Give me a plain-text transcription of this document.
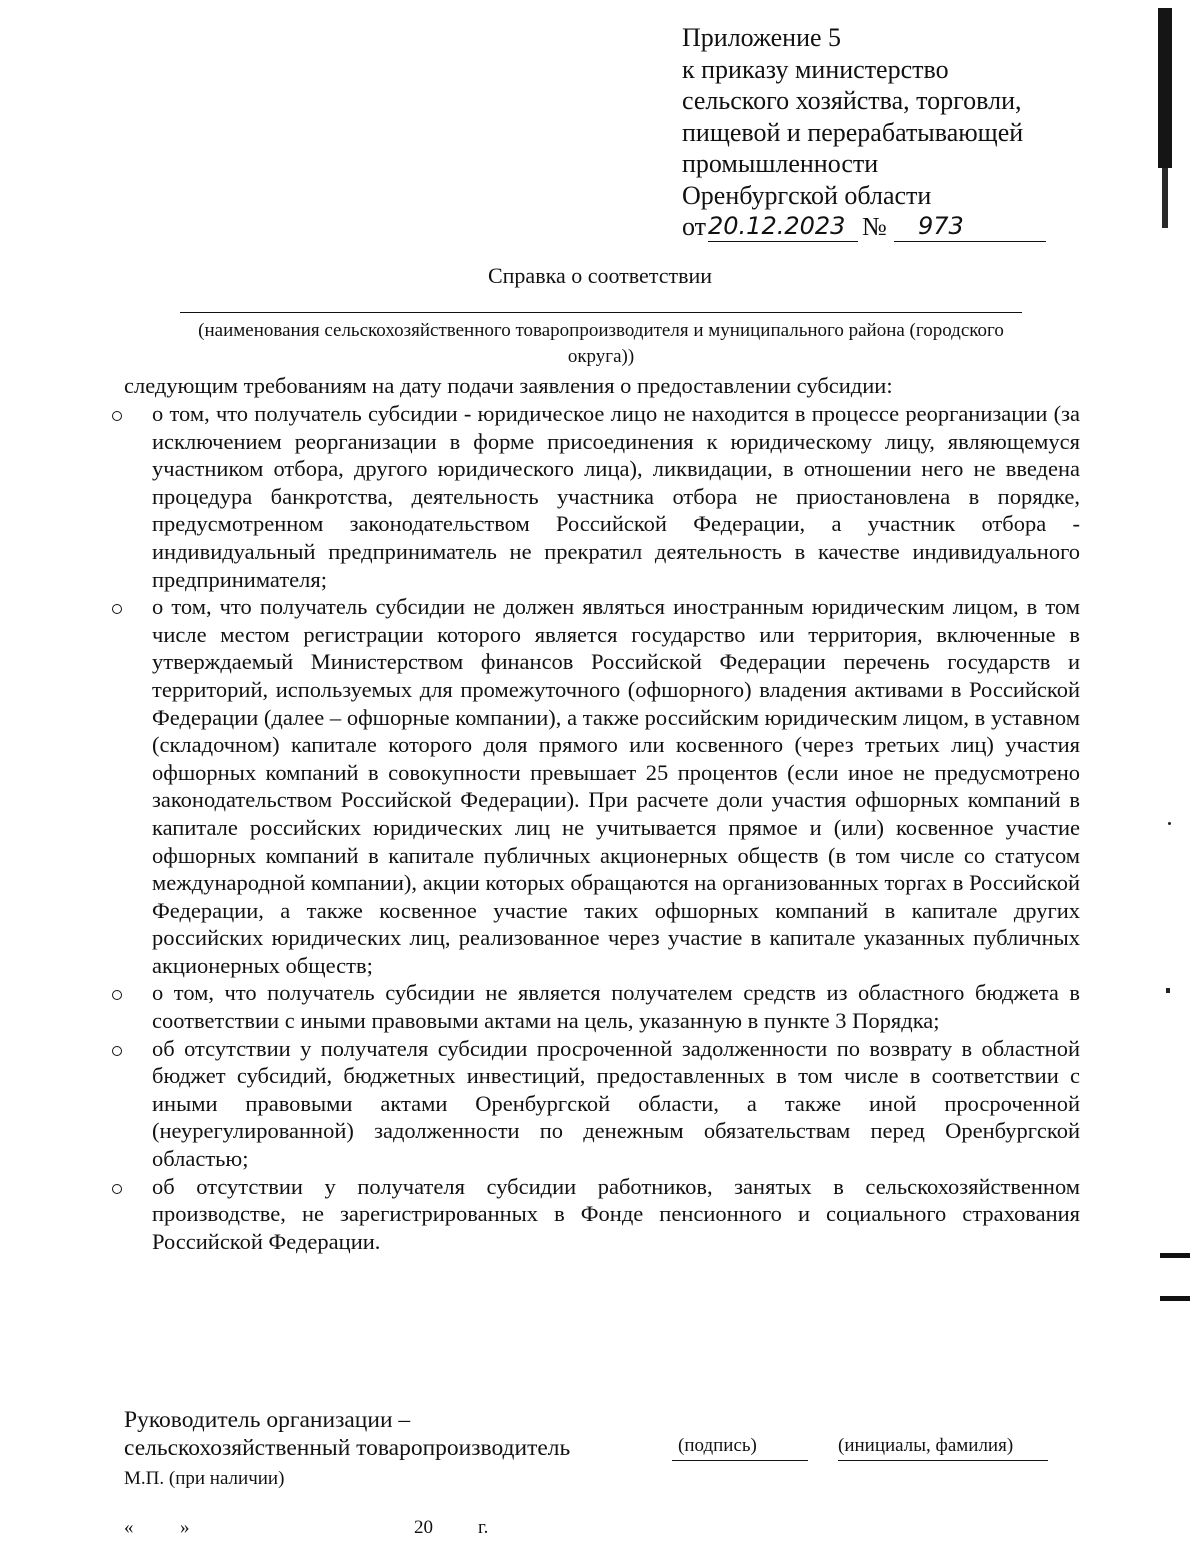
Приложение 5
к приказу министерство
сельского хозяйства, торговли,
пищевой и перерабатывающей
промышленности
Оренбургской области
от 20.12.2023 №	973
Справка о соответствии
(наименования сельскохозяйственного товаропроизводителя и муниципального района (городского округа))
следующим требованиям на дату подачи заявления о предоставлении субсидии:
о том, что получатель субсидии - юридическое лицо не находится в процессе реорганизации (за исключением реорганизации в форме присоединения к юридическому лицу, являющемуся участником отбора, другого юридического лица), ликвидации, в отношении него не введена процедура банкротства, деятельность участника отбора не приостановлена в порядке, предусмотренном законодательством Российской Федерации, а участник отбора - индивидуальный предприниматель не прекратил деятельность в качестве индивидуального предпринимателя;
о том, что получатель субсидии не должен являться иностранным юридическим лицом, в том числе местом регистрации которого является государство или территория, включенные в утверждаемый Министерством финансов Российской Федерации перечень государств и территорий, используемых для промежуточного (офшорного) владения активами в Российской Федерации (далее – офшорные компании), а также российским юридическим лицом, в уставном (складочном) капитале которого доля прямого или косвенного (через третьих лиц) участия офшорных компаний в совокупности превышает 25 процентов (если иное не предусмотрено законодательством Российской Федерации). При расчете доли участия офшорных компаний в капитале российских юридических лиц не учитывается прямое и (или) косвенное участие офшорных компаний в капитале публичных акционерных обществ (в том числе со статусом международной компании), акции которых обращаются на организованных торгах в Российской Федерации, а также косвенное участие таких офшорных компаний в капитале других российских юридических лиц, реализованное через участие в капитале указанных публичных акционерных обществ;
о том, что получатель субсидии не является получателем средств из областного бюджета в соответствии с иными правовыми актами на цель, указанную в пункте 3 Порядка;
об отсутствии у получателя субсидии просроченной задолженности по возврату в областной бюджет субсидий, бюджетных инвестиций, предоставленных в том числе в соответствии с иными правовыми актами Оренбургской области, а также иной просроченной (неурегулированной) задолженности по денежным обязательствам перед Оренбургской областью;
об отсутствии у получателя субсидии работников, занятых в сельскохозяйственном производстве, не зарегистрированных в Фонде пенсионного и социального страхования Российской Федерации.
Руководитель организации –
сельскохозяйственный товаропроизводитель	(подпись)	(инициалы, фамилия)
М.П. (при наличии)
« »	20 г.
